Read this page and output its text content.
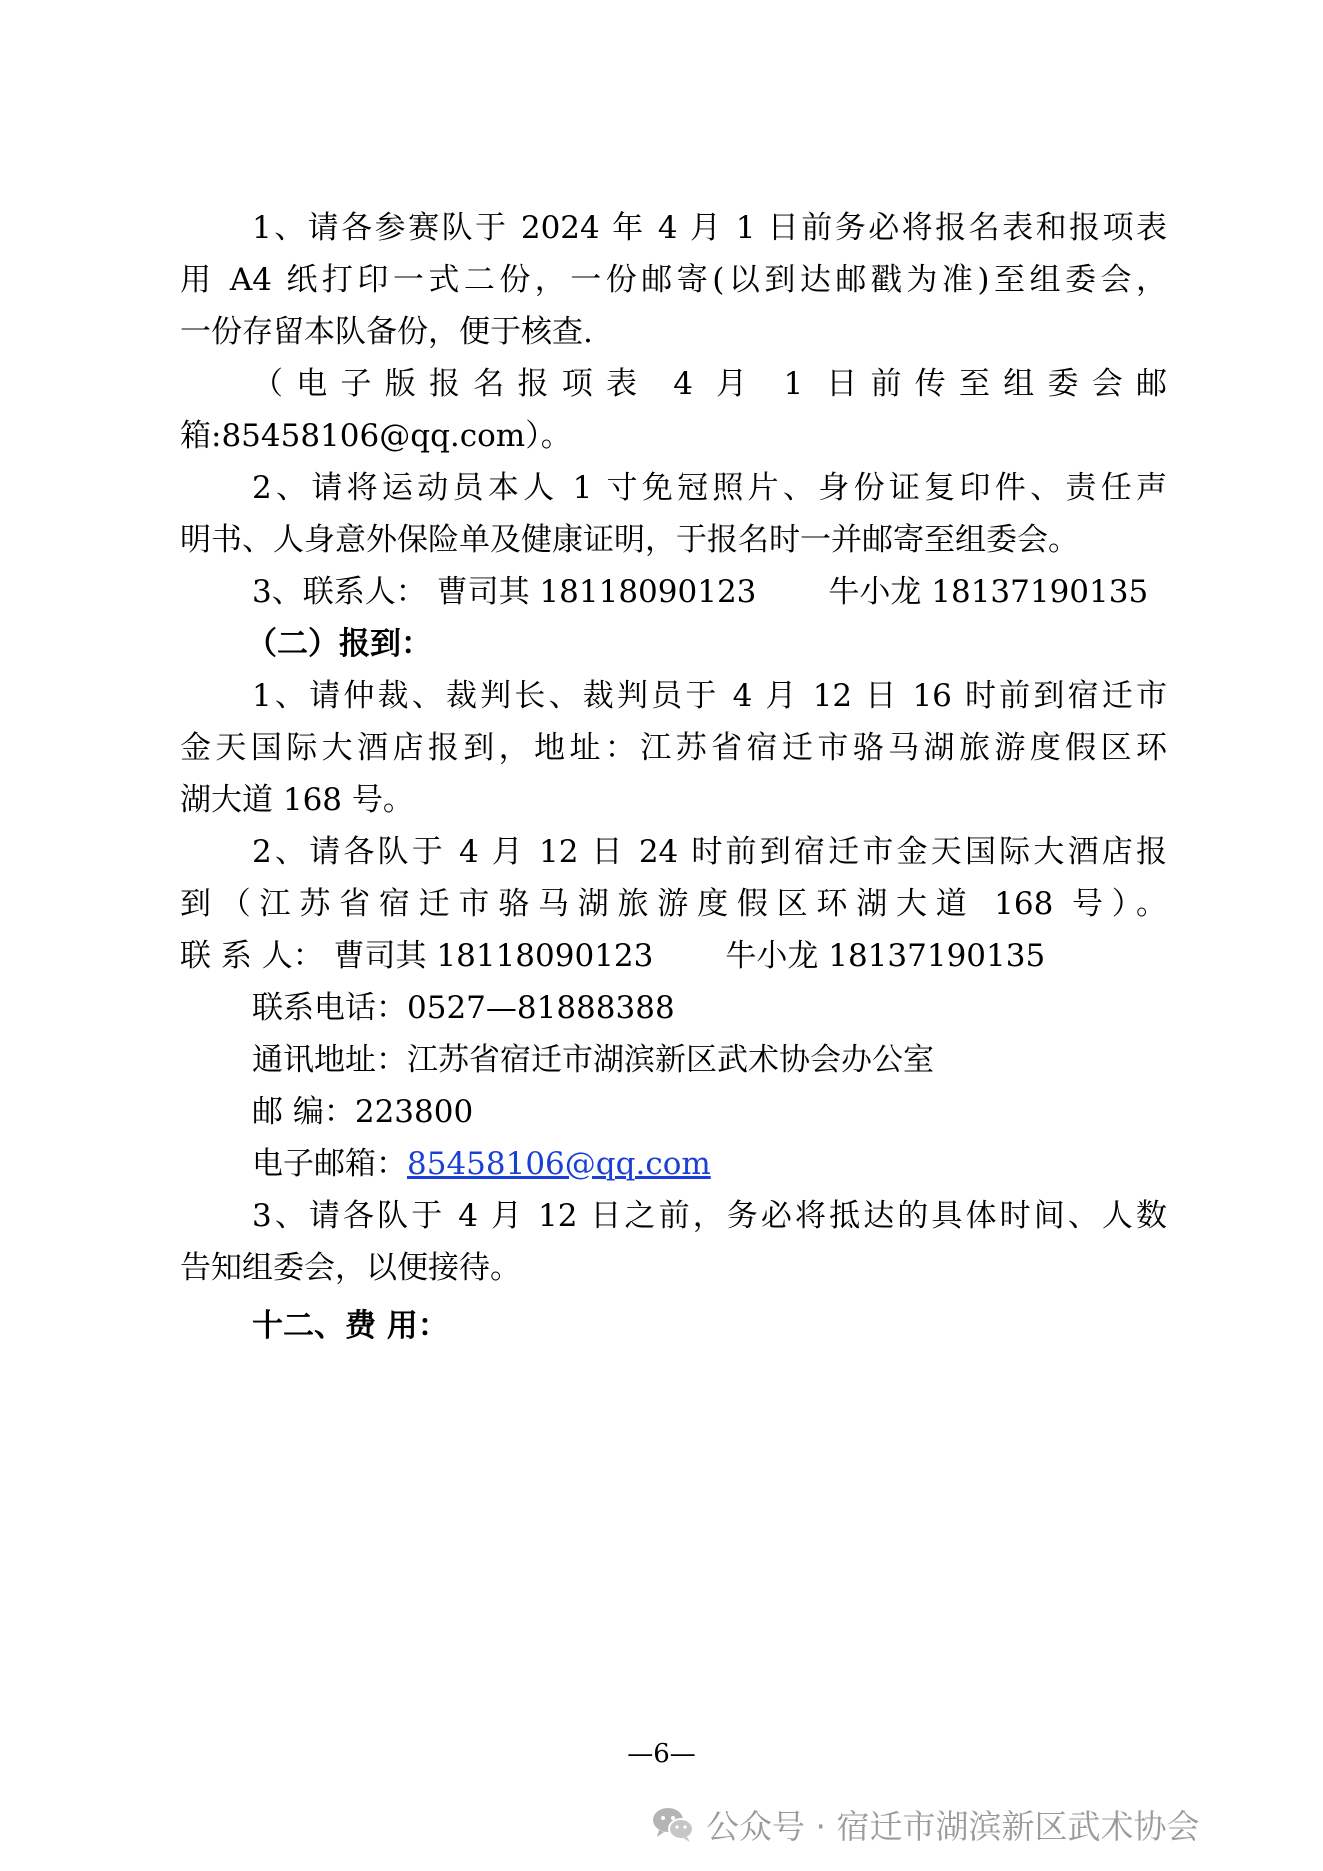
1、请各参赛队于 2024 年 4 月 1 日前务必将报名表和报项表
用 A4 纸打印一式二份，一份邮寄(以到达邮戳为准)至组委会，
一份存留本队备份，便于核查.
（电子版报名报项表 4 月 1 日前传至组委会邮
箱:85458106@qq.com）。
2、请将运动员本人 1 寸免冠照片、身份证复印件、责任声
明书、人身意外保险单及健康证明，于报名时一并邮寄至组委会。
3、联系人： 曹司其 18118090123 牛小龙 18137190135
（二）报到：
1、请仲裁、裁判长、裁判员于 4 月 12 日 16 时前到宿迁市
金天国际大酒店报到，地址：江苏省宿迁市骆马湖旅游度假区环
湖大道 168 号。
2、请各队于 4 月 12 日 24 时前到宿迁市金天国际大酒店报
到（江苏省宿迁市骆马湖旅游度假区环湖大道 168 号）。
联 系 人： 曹司其 18118090123 牛小龙 18137190135
联系电话：0527—81888388
通讯地址：江苏省宿迁市湖滨新区武术协会办公室
邮 编：223800
电子邮箱：85458106@qq.com
3、请各队于 4 月 12 日之前，务必将抵达的具体时间、人数
告知组委会，以便接待。
十二、费 用：
—6—
公众号 · 宿迁市湖滨新区武术协会
